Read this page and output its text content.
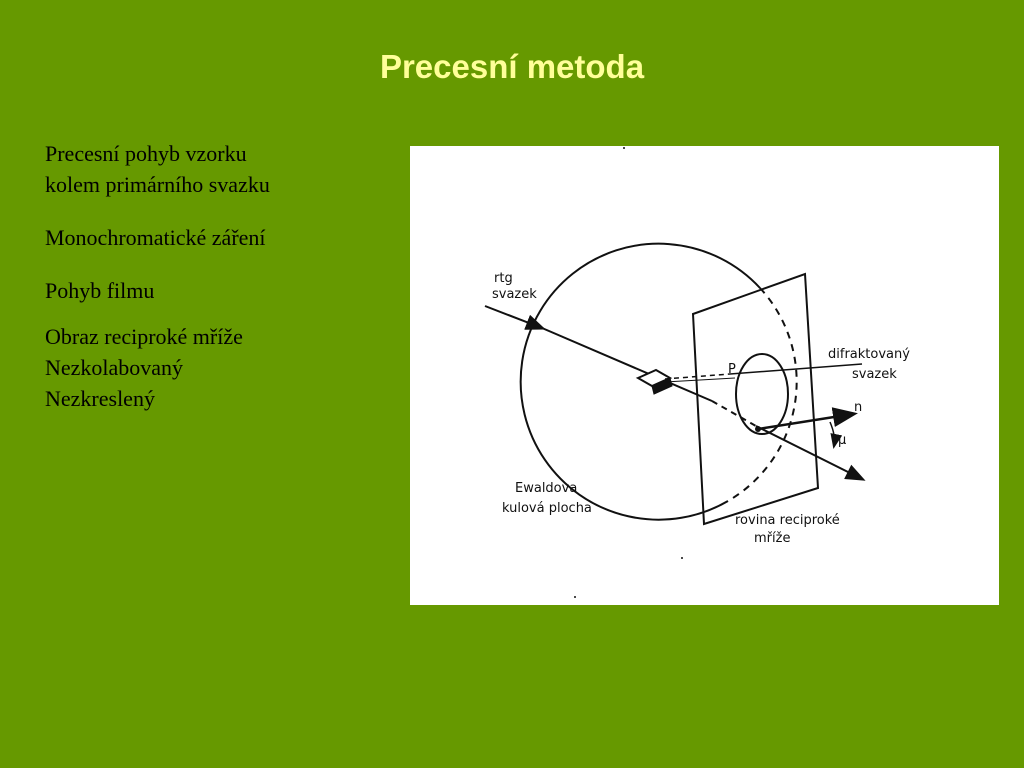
Precesní metoda
Precesní pohyb vzorku
kolem primárního svazku
Monochromatické záření
Pohyb filmu
Obraz reciproké mříže
Nezkolabovaný
Nezkreslený
rtg
svazek
difraktovaný
svazek
P
n
μ
Ewaldova
kulová plocha
rovina reciproké
mříže
